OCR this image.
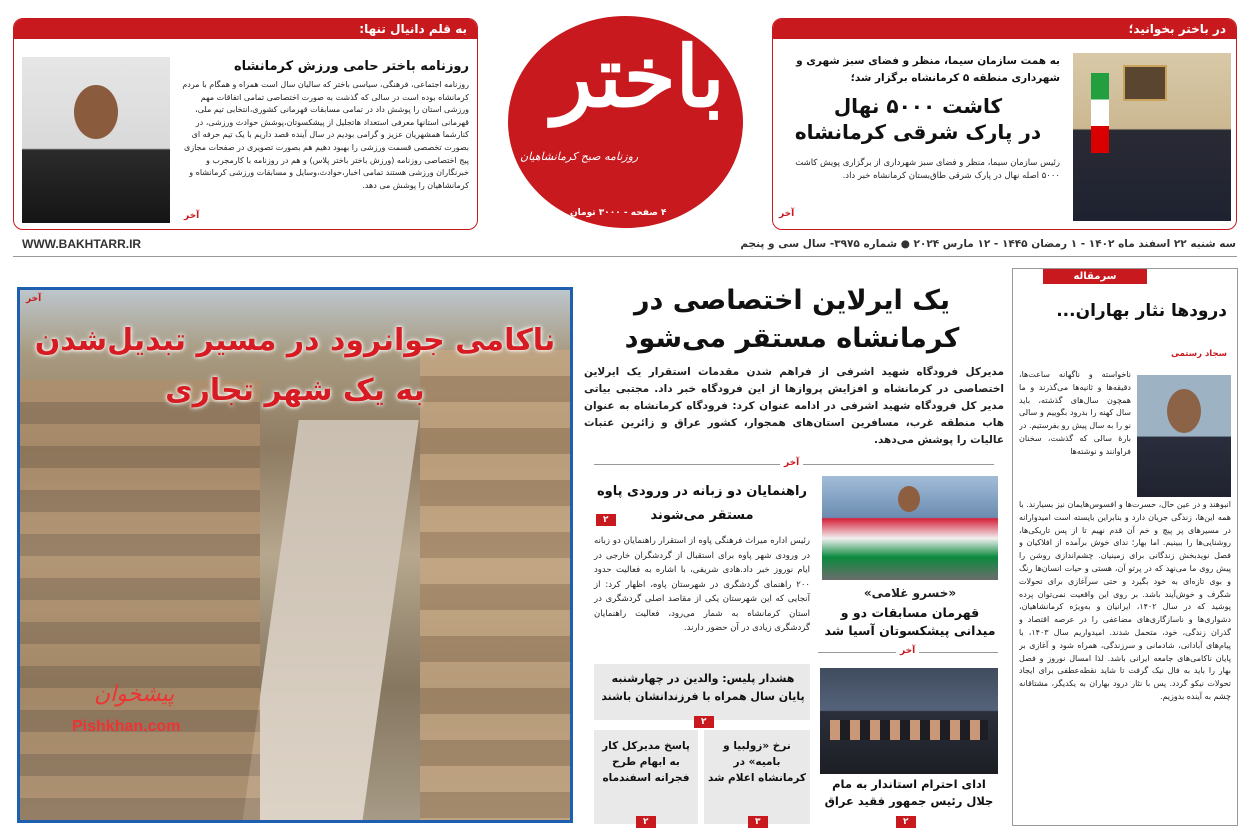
در باختر بخوانید؛
به همت سازمان سیما، منظر و فضای سبز شهری و شهرداری منطقه ۵ کرمانشاه برگزار شد؛
کاشت ۵۰۰۰ نهال
در پارک شرقی کرمانشاه
رئیس سازمان سیما، منظر و فضای سبز شهرداری از برگزاری پویش کاشت ۵۰۰۰ اصله نهال در پارک شرقی طاق‌بستان کرمانشاه خبر داد.
آخر
باختر
روزنامه صبح کرمانشاهیان
۴ صفحه - ۳۰۰۰ تومان
به قلم دانیال تنها:
روزنامه باختر حامی ورزش کرمانشاه
روزنامه اجتماعی، فرهنگی، سیاسی باختر که سالیان سال است همراه و همگام با مردم کرمانشاه بوده است در سالی که گذشت به صورت اختصاصی تمامی اتفاقات مهم ورزشی استان را پوشش داد در تمامی مسابقات قهرمانی کشوری،انتخابی تیم ملی، قهرمانی استانها معرفی استعداد هاتجلیل از پیشکسوتان،پوشش حوادث ورزشی، در کنارشما همشهریان عزیز و گرامی بودیم در سال آینده قصد داریم با یک تیم حرفه ای بصورت تخصصی قسمت ورزشی را بهبود دهیم هم بصورت تصویری در صفحات مجازی پیج اختصاصی روزنامه (ورزش باختر باختر پلاس) و هم در روزنامه با کارمجرب و خبرنگاران ورزشی هستند تمامی اخبار،حوادث،وسایل و مسابقات ورزشی کرمانشاه و کرمانشاهیان را پوشش می دهد.
آخر
سه شنبه ۲۲ اسفند ماه ۱۴۰۲ - ۱ رمضان ۱۴۴۵ - ۱۲ مارس ۲۰۲۴ ● شماره ۳۹۷۵- سال سی و پنجم
WWW.BAKHTARR.IR
سرمقاله
درودها نثار بهاران...
سجاد رستمی
ناخواسته و ناگهانه ساعت‌ها، دقیقه‌ها و ثانیه‌ها می‌گذرند و ما همچون سال‌های گذشته، باید سال کهنه را بدرود بگوییم و سالی نو را به سال پیش رو بفرستیم. در بارهٔ سالی که گذشت، سخنان فراوانند و نوشته‌ها
انبوهند و در عین حال، حسرت‌ها و افسوس‌هایمان نیز بسیارند. با همه این‌ها، زندگی جریان دارد و بنابراین بایسته است امیدوارانه در مسیرهای پر پیچ و خم آن قدم نهیم تا از پس تاریکی‌ها، روشنایی‌ها را ببینیم. اما بهار؛ ندای خوش برآمده از افلاکیان و فصل نوید‌بخش زندگانی برای زمینیان. چشم‌اندازی روشن را پیش روی ما می‌نهد که در پرتو آن، هستی و حیات انسان‌ها رنگ و بوی تازه‌ای به خود بگیرد و حتی سرآغازی برای تحولات شگرف و خوش‌آیند باشد. بر روی این واقعیت نمی‌توان پرده پوشید که در سال ۱۴۰۲، ایرانیان و به‌ویژه کرمانشاهیان، دشواری‌ها و ناسازگاری‌های مضاعفی را در عرصه اقتصاد و گذران زندگی، خود، متحمل شدند. امیدواریم سال ۱۴۰۳، با پیام‌های آبادانی، شادمانی و سرزندگی، همراه شود و آغازی بر پایان ناکامی‌های جامعه ایرانی باشد. لذا امسال نوروز و فصل بهار را باید به فال نیک گرفت تا شاید نقطه‌عطفی برای ایجاد تحولات نیکو گردد. پس با نثار درود بهاران به یکدیگر، مشتاقانه چشم به آینده بدوزیم.
یک ایرلاین اختصاصی در کرمانشاه مستقر می‌شود
مدیرکل فرودگاه شهید اشرفی از فراهم شدن مقدمات استقرار یک ایرلاین اختصاصی در کرمانشاه و افزایش پروازها از این فرودگاه خبر داد. مجتبی بیاتی مدیر کل فرودگاه شهید اشرفی در ادامه عنوان کرد: فرودگاه کرمانشاه به عنوان هاب منطقه غرب، مسافرین استان‌های همجوار، کشور عراق و زائرین عتبات عالیات را پوشش می‌دهد.
آخر
ناکامی جوانرود در مسیر تبدیل‌شدن به یک شهر تجاری
آخر
پیشخوان
Pishkhan.com
راهنمایان دو زبانه در ورودی پاوه مستقر می‌شوند
۲
رئیس اداره میراث فرهنگی پاوه از استقرار راهنمایان دو زبانه در ورودی شهر پاوه برای استقبال از گردشگران خارجی در ایام نوروز خبر داد.هادی شریفی، با اشاره به فعالیت حدود ۲۰۰ راهنمای گردشگری در شهرستان پاوه، اظهار کرد: از آنجایی که این شهرستان یکی از مقاصد اصلی گردشگری در استان کرمانشاه به شمار می‌رود، فعالیت راهنمایان گردشگری زیادی در آن حضور دارند.
«خسرو غلامی»
قهرمان مسابقات دو و میدانی پیشکسوتان آسیا شد
آخر
هشدار پلیس: والدین در چهارشنبه پایان سال همراه با فرزندانشان باشند
۲
ادای احترام استاندار به مام جلال رئیس جمهور فقید عراق
۲
نرخ «زولبیا و بامیه» در کرمانشاه اعلام شد
۳
پاسخ مدیرکل کار به ابهام طرح فجرانه اسفندماه
۲
